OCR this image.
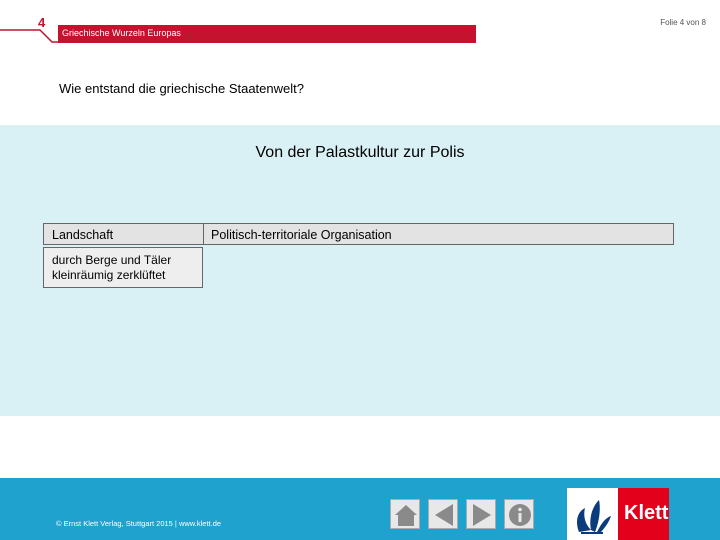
4	Folie 4 von 8
Griechische Wurzeln Europas
Wie entstand die griechische Staatenwelt?
Von der Palastkultur zur Polis
Landschaft	Politisch-territoriale Organisation
durch Berge und Täler kleinräumig zerklüftet
© Ernst Klett Verlag, Stuttgart 2015 | www.klett.de	Klett
